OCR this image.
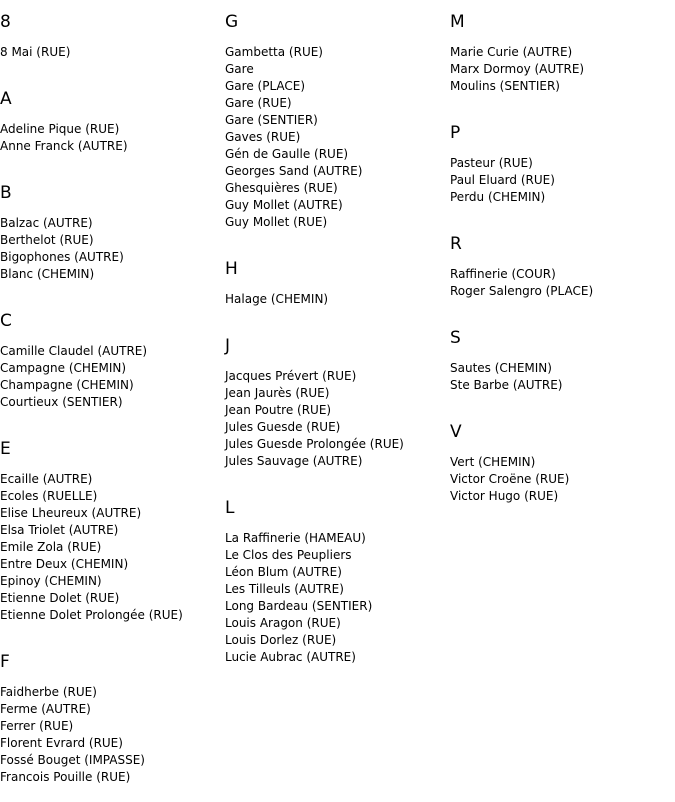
8
8 Mai (RUE)
A
Adeline Pique (RUE)
Anne Franck (AUTRE)
B
Balzac (AUTRE)
Berthelot (RUE)
Bigophones (AUTRE)
Blanc (CHEMIN)
C
Camille Claudel (AUTRE)
Campagne (CHEMIN)
Champagne (CHEMIN)
Courtieux (SENTIER)
E
Ecaille (AUTRE)
Ecoles (RUELLE)
Elise Lheureux (AUTRE)
Elsa Triolet (AUTRE)
Emile Zola (RUE)
Entre Deux (CHEMIN)
Epinoy (CHEMIN)
Etienne Dolet (RUE)
Etienne Dolet Prolongée (RUE)
F
Faidherbe (RUE)
Ferme (AUTRE)
Ferrer (RUE)
Florent Evrard (RUE)
Fossé Bouget (IMPASSE)
Francois Pouille (RUE)
G
Gambetta (RUE)
Gare
Gare (PLACE)
Gare (RUE)
Gare (SENTIER)
Gaves (RUE)
Gén de Gaulle (RUE)
Georges Sand (AUTRE)
Ghesquières (RUE)
Guy Mollet (AUTRE)
Guy Mollet (RUE)
H
Halage (CHEMIN)
J
Jacques Prévert (RUE)
Jean Jaurès (RUE)
Jean Poutre (RUE)
Jules Guesde (RUE)
Jules Guesde Prolongée (RUE)
Jules Sauvage (AUTRE)
L
La Raffinerie (HAMEAU)
Le Clos des Peupliers
Léon Blum (AUTRE)
Les Tilleuls (AUTRE)
Long Bardeau (SENTIER)
Louis Aragon (RUE)
Louis Dorlez (RUE)
Lucie Aubrac (AUTRE)
M
Marie Curie (AUTRE)
Marx Dormoy (AUTRE)
Moulins (SENTIER)
P
Pasteur (RUE)
Paul Eluard (RUE)
Perdu (CHEMIN)
R
Raffinerie (COUR)
Roger Salengro (PLACE)
S
Sautes (CHEMIN)
Ste Barbe (AUTRE)
V
Vert (CHEMIN)
Victor Croëne (RUE)
Victor Hugo (RUE)
